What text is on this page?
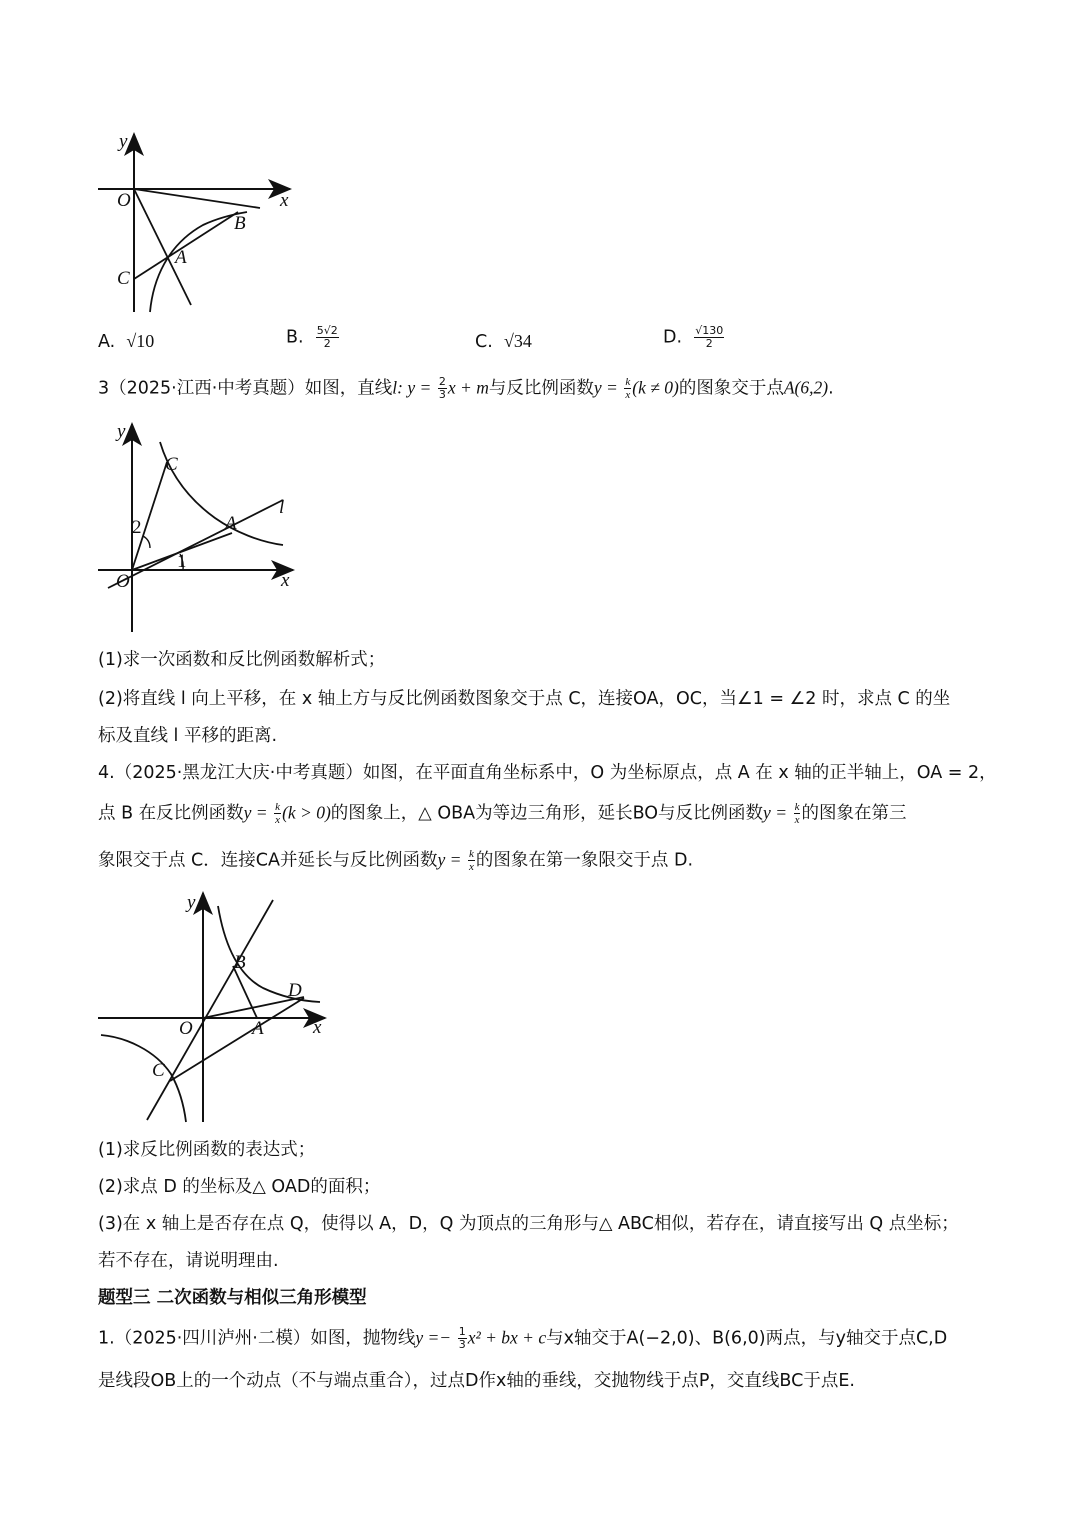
y
x
O
B
A
C
A. √10	B. $\frac{5√2}{2}$	C. √34	D. $\frac{√130}{2}$
3（2025·江西·中考真题）如图，直线l: $y = \frac{2}{3}$ x + m与反比例函数$y = \frac{k}{x} (k \ne 0)$的图象交于点A(6,2).
y
x
O
C
A
l
2
1
(1)求一次函数和反比例函数解析式；
(2)将直线 l 向上平移，在 x 轴上方与反比例函数图象交于点 C，连接OA，OC，当∠1 = ∠2 时，求点 C 的坐
标及直线 l 平移的距离.
4.（2025·黑龙江大庆·中考真题）如图，在平面直角坐标系中，O 为坐标原点，点 A 在 x 轴的正半轴上，OA = 2，
点 B 在反比例函数$y = \frac{k}{x} (k > 0)$的图象上，△ OBA为等边三角形，延长BO与反比例函数$y = \frac{k}{x}$ 的图象在第三
象限交于点 C．连接CA并延长与反比例函数$y = \frac{k}{x}$ 的图象在第一象限交于点 D.
y
x
O	A
B
D
C
(1)求反比例函数的表达式；
(2)求点 D 的坐标及△ OAD的面积；
(3)在 x 轴上是否存在点 Q，使得以 A，D，Q 为顶点的三角形与△ ABC相似，若存在，请直接写出 Q 点坐标；
若不存在，请说明理由.
题型三 二次函数与相似三角形模型
1.（2025·四川泸州·二模）如图，抛物线$y =- \frac{1}{3} x^2$ + bx + c与x轴交于A(−2,0)、B(6,0)两点，与y轴交于点C,D
是线段OB上的一个动点（不与端点重合），过点D作x轴的垂线，交抛物线于点P，交直线BC于点E.
